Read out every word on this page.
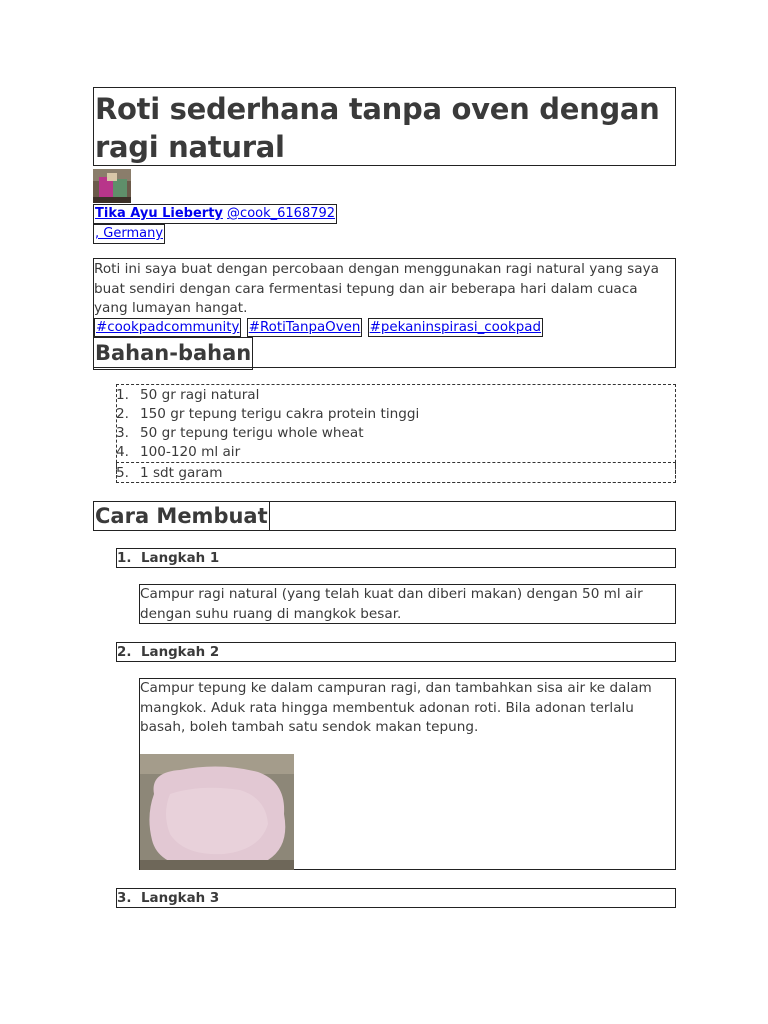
Roti sederhana tanpa oven dengan ragi natural
Tika Ayu Lieberty @cook_6168792
, Germany

Roti ini saya buat dengan percobaan dengan menggunakan ragi natural yang saya buat sendiri dengan cara fermentasi tepung dan air beberapa hari dalam cuaca yang lumayan hangat.

#cookpadcommunity #RotiTanpaOven #pekaninspirasi_cookpad
Bahan-bahan
1. 50 gr ragi natural
2. 150 gr tepung terigu cakra protein tinggi
3. 50 gr tepung terigu whole wheat
4. 100-120 ml air
5. 1 sdt garam
Cara Membuat
1. Langkah 1
Campur ragi natural (yang telah kuat dan diberi makan) dengan 50 ml air dengan suhu ruang di mangkok besar.
2. Langkah 2
Campur tepung ke dalam campuran ragi, dan tambahkan sisa air ke dalam mangkok. Aduk rata hingga membentuk adonan roti. Bila adonan terlalu basah, boleh tambah satu sendok makan tepung.
3. Langkah 3
